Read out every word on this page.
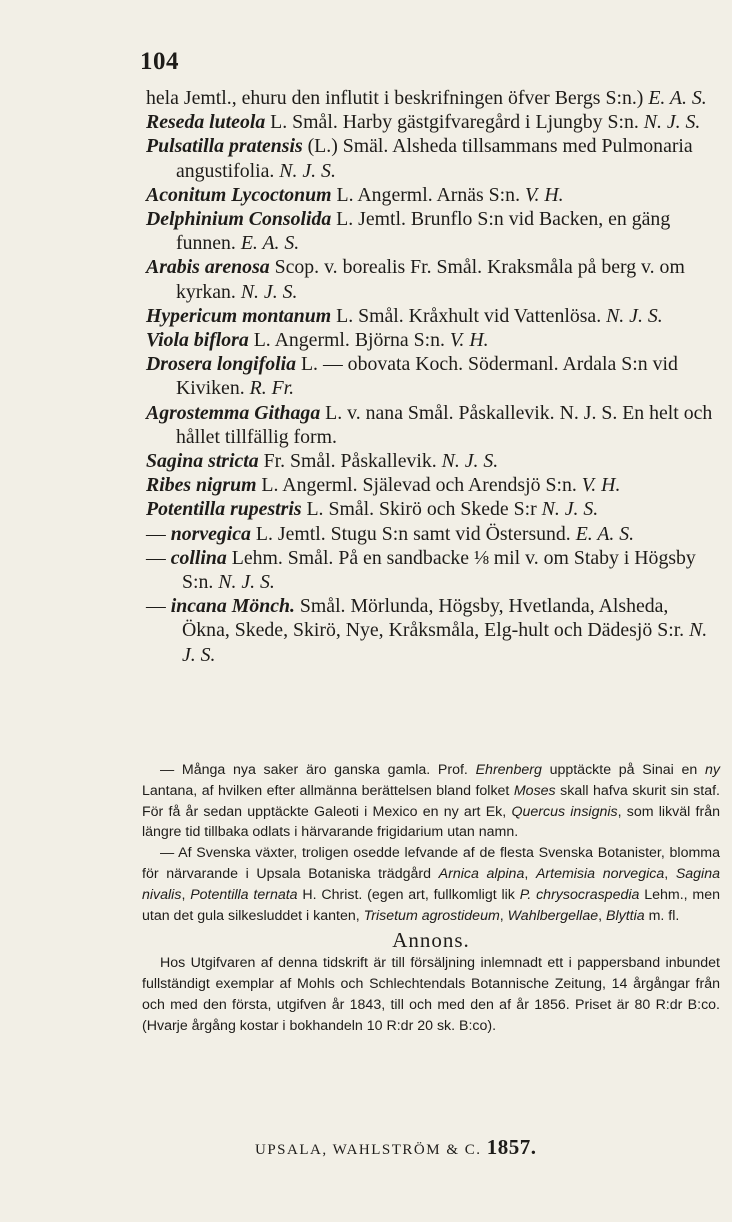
104
hela Jemtl., ehuru den influtit i beskrifningen öfver Bergs S:n.) E. A. S.
Reseda luteola L. Smål. Harby gästgifvaregård i Ljungby S:n. N. J. S.
Pulsatilla pratensis (L.) Smäl. Alsheda tillsammans med Pulmonaria angustifolia. N. J. S.
Aconitum Lycoctonum L. Angerml. Arnäs S:n. V. H.
Delphinium Consolida L. Jemtl. Brunflo S:n vid Backen, en gäng funnen. E. A. S.
Arabis arenosa Scop. v. borealis Fr. Smål. Kraksmåla på berg v. om kyrkan. N. J. S.
Hypericum montanum L. Smål. Kråxhult vid Vattenlösa. N. J. S.
Viola biflora L. Angerml. Björna S:n. V. H.
Drosera longifolia L. — obovata Koch. Södermanl. Ardala S:n vid Kiviken. R. Fr.
Agrostemma Githaga L. v. nana Smål. Påskallevik. N. J. S. En helt och hållet tillfällig form.
Sagina stricta Fr. Smål. Påskallevik. N. J. S.
Ribes nigrum L. Angerml. Själevad och Arendsjö S:n. V. H.
Potentilla rupestris L. Smål. Skirö och Skede S:r N. J. S.
— norvegica L. Jemtl. Stugu S:n samt vid Östersund. E. A. S.
— collina Lehm. Smål. På en sandbacke ⅛ mil v. om Staby i Högsby S:n. N. J. S.
— incana Mönch. Smål. Mörlunda, Högsby, Hvetlanda, Alsheda, Ökna, Skede, Skirö, Nye, Kråksmåla, Elg-hult och Dädesjö S:r. N. J. S.

— Många nya saker äro ganska gamla. Prof. Ehrenberg upptäckte på Sinai en ny Lantana, af hvilken efter allmänna berättelsen bland folket Moses skall hafva skurit sin staf. För få år sedan upptäckte Galeoti i Mexico en ny art Ek, Quercus insignis, som likväl från längre tid tillbaka odlats i härvarande frigidarium utan namn.

— Af Svenska växter, troligen osedde lefvande af de flesta Svenska Botanister, blomma för närvarande i Upsala Botaniska trädgård Arnica alpina, Artemisia norvegica, Sagina nivalis, Potentilla ternata H. Christ. (egen art, fullkomligt lik P. chrysocraspedia Lehm., men utan det gula silkesluddet i kanten, Trisetum agrostideum, Wahlbergellae, Blyttia m. fl.

Annons.

Hos Utgifvaren af denna tidskrift är till försäljning inlemnadt ett i pappersband inbundet fullständigt exemplar af Mohls och Schlechtendals Botannische Zeitung, 14 årgångar från och med den första, utgifven år 1843, till och med den af år 1856. Priset är 80 R:dr B:co. (Hvarje årgång kostar i bokhandeln 10 R:dr 20 sk. B:co).

UPSALA, WAHLSTRÖM & C. 1857.
